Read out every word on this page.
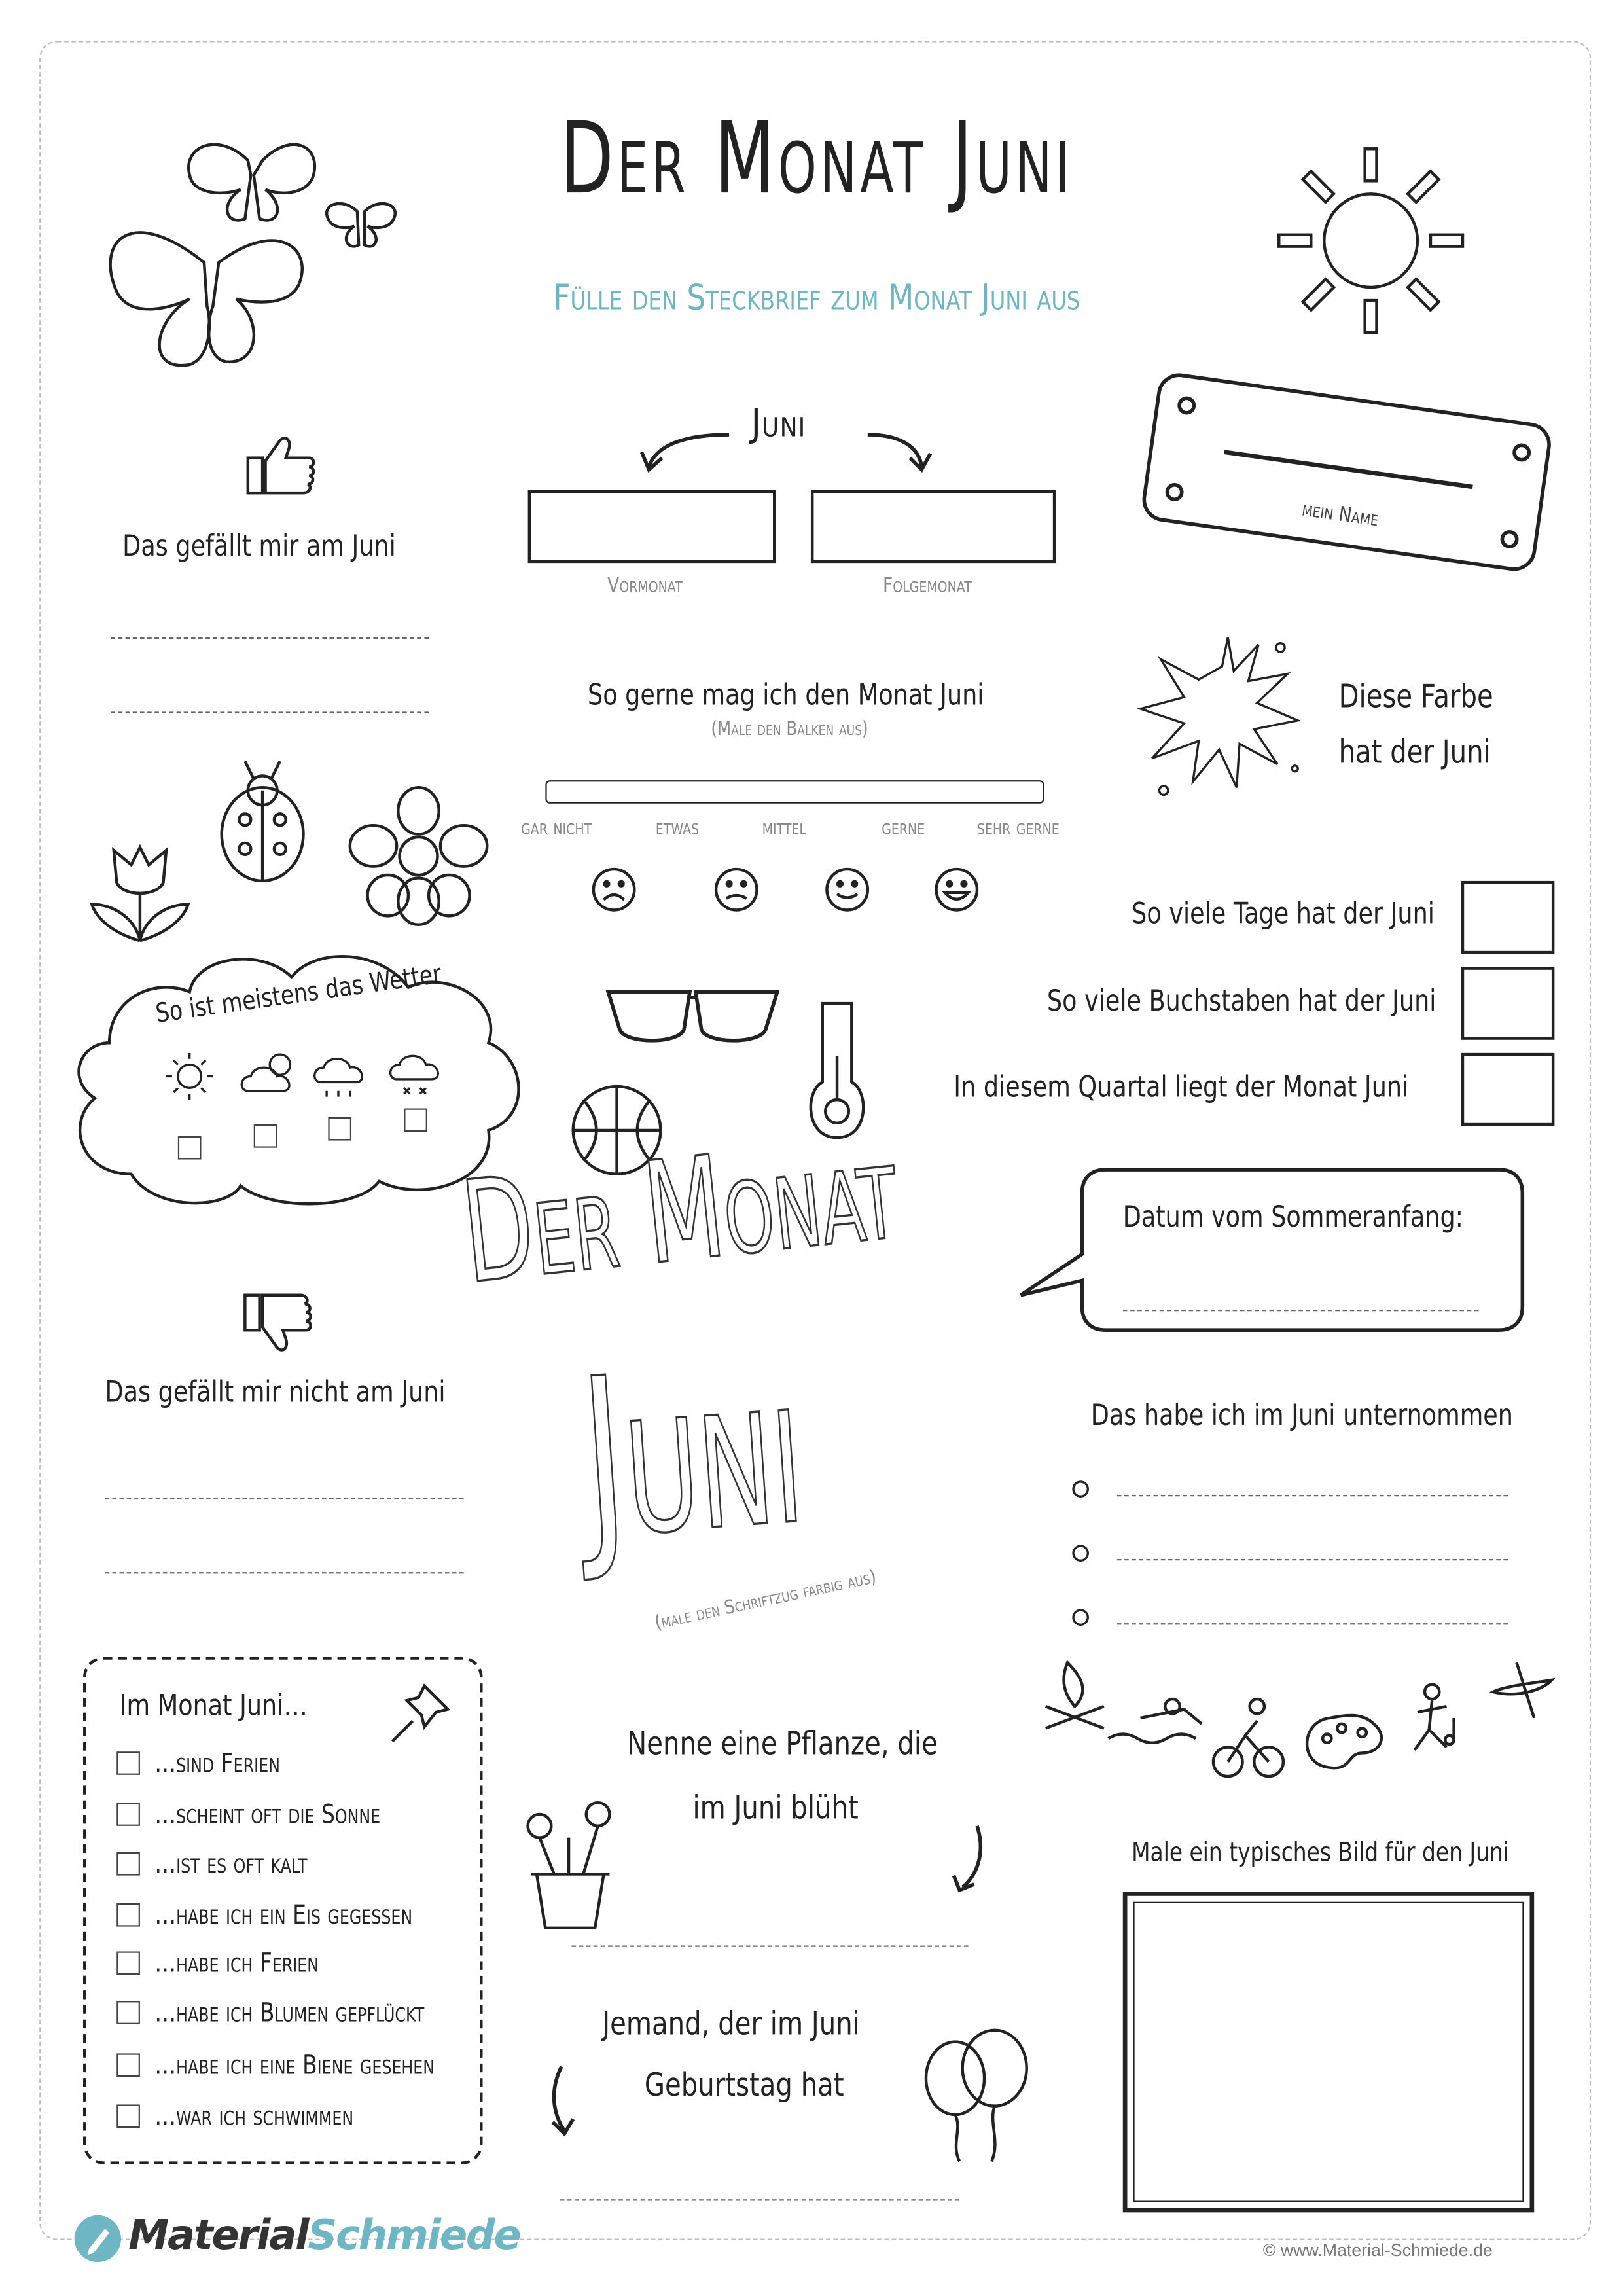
Der Monat Juni
Fülle den Steckbrief zum Monat Juni aus
Das gefällt mir am Juni
Juni
Vormonat	Folgemonat
mein Name
So gerne mag ich den Monat Juni
(Male den Balken aus)
gar nicht	etwas	mittel	gerne	sehr gerne
Diese Farbe
hat der Juni
So viele Tage hat der Juni
So viele Buchstaben hat der Juni
In diesem Quartal liegt der Monat Juni
So ist meistens das Wetter
Datum vom Sommeranfang:
Der Monat
Juni
(male den Schriftzug farbig aus)
Das gefällt mir nicht am Juni
Das habe ich im Juni unternommen
Im Monat Juni…
…sind Ferien
…scheint oft die Sonne
…ist es oft kalt
…habe ich ein Eis gegessen
…habe ich Ferien
…habe ich Blumen gepflückt
…habe ich eine Biene gesehen
…war ich schwimmen
Nenne eine Pflanze, die
im Juni blüht
Jemand, der im Juni
Geburtstag hat
Male ein typisches Bild für den Juni
MaterialSchmiede	© www.Material-Schmiede.de
